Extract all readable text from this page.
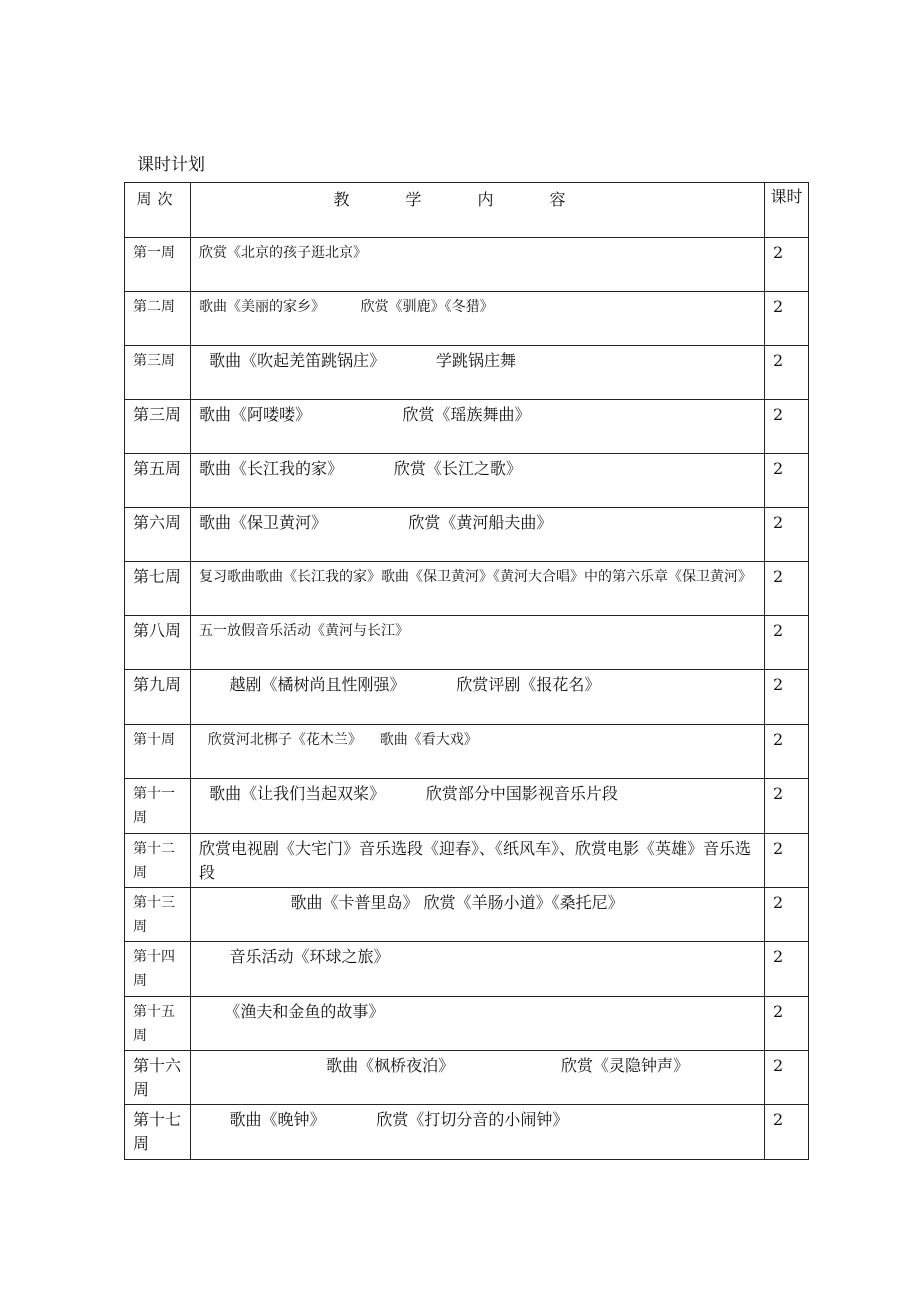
课时计划
周次	教学内容	课时
第一周	欣赏《北京的孩子逛北京》	2
第二周	歌曲《美丽的家乡》        欣赏《驯鹿》《冬猎》	2
第三周	歌曲《吹起羌笛跳锅庄》          学跳锅庄舞	2
第三周	歌曲《阿喽喽》                  欣赏《瑶族舞曲》	2
第五周	歌曲《长江我的家》          欣赏《长江之歌》	2
第六周	歌曲《保卫黄河》                欣赏《黄河船夫曲》	2
第七周	复习歌曲歌曲《长江我的家》歌曲《保卫黄河》《黄河大合唱》中的第六乐章《保卫黄河》	2
第八周	五一放假音乐活动《黄河与长江》	2
第九周	越剧《橘树尚且性刚强》          欣赏评剧《报花名》	2
第十周	欣赏河北梆子《花木兰》    歌曲《看大戏》	2
第十一周	歌曲《让我们当起双桨》        欣赏部分中国影视音乐片段	2
第十二周	欣赏电视剧《大宅门》音乐选段《迎春》、《纸风车》、欣赏电影《英雄》音乐选段	2
第十三周	歌曲《卡普里岛》 欣赏《羊肠小道》《桑托尼》	2
第十四周	音乐活动《环球之旅》	2
第十五周	《渔夫和金鱼的故事》	2
第十六周	歌曲《枫桥夜泊》                     欣赏《灵隐钟声》	2
第十七周	歌曲《晚钟》          欣赏《打切分音的小闹钟》	2
